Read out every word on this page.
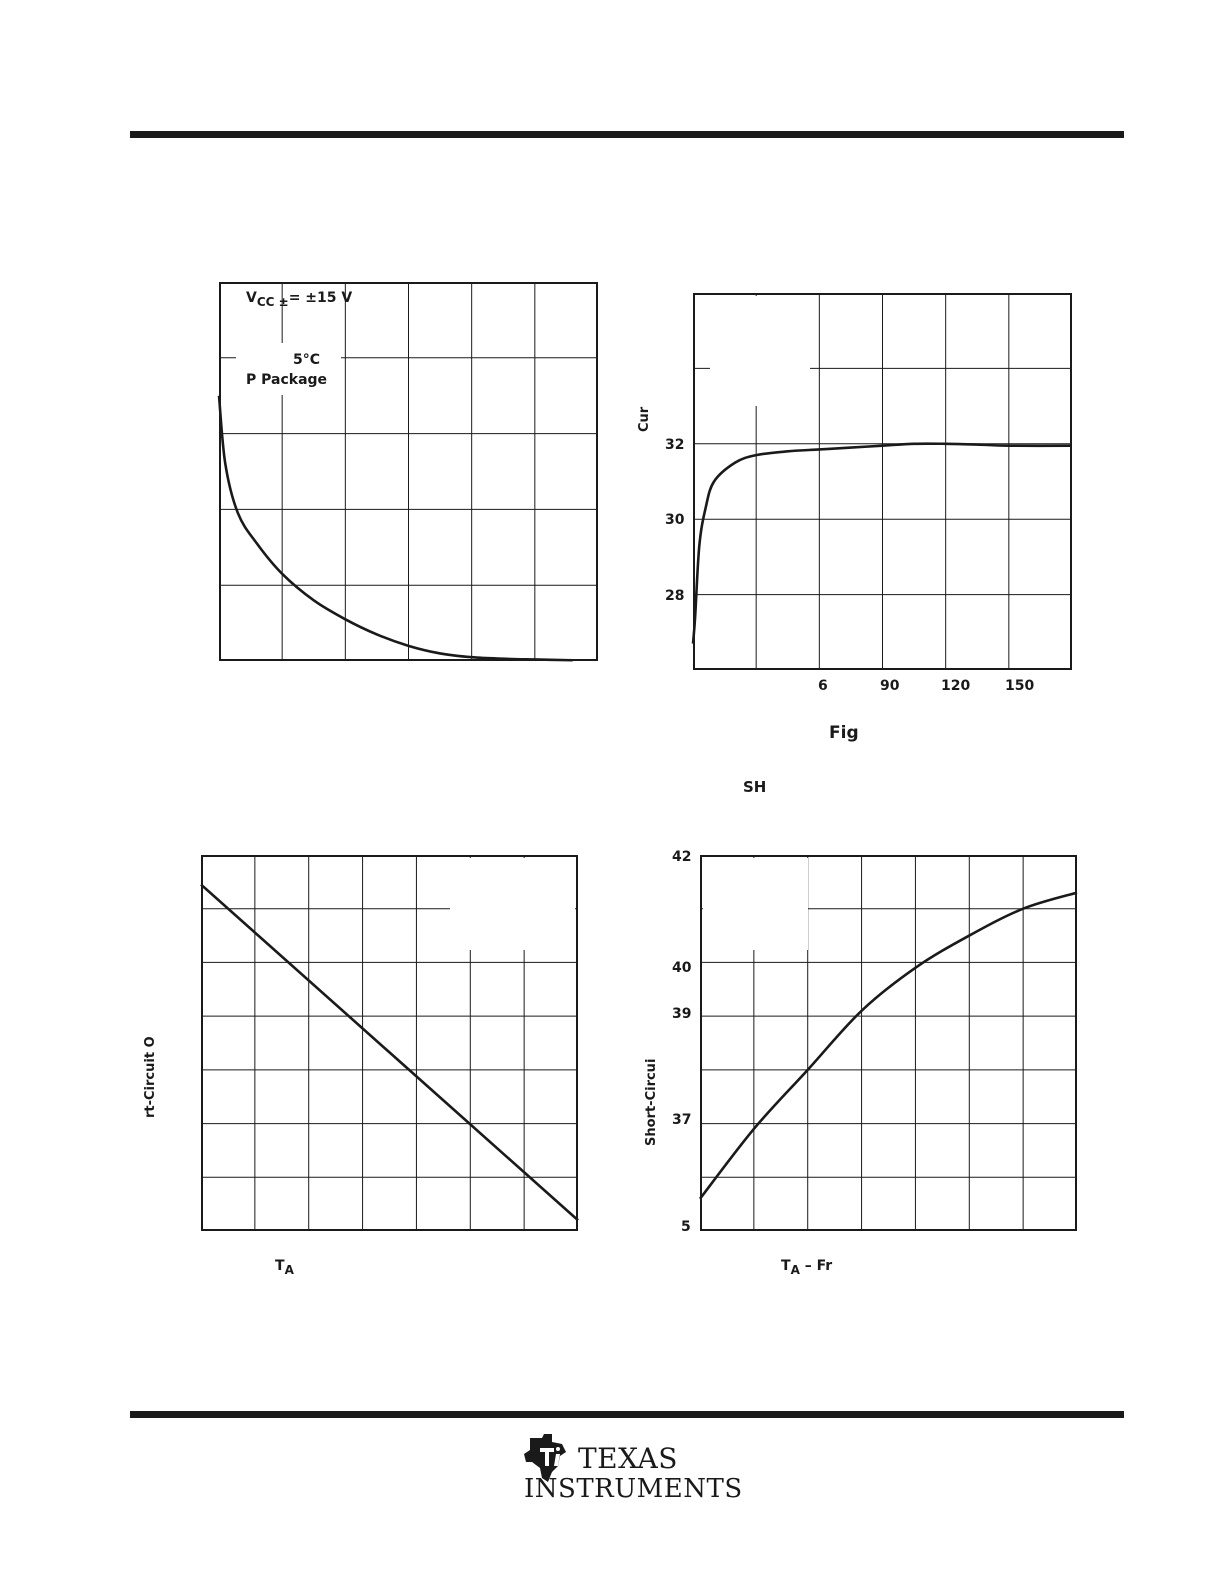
$V_{CC \pm}= \pm 15$ V
5°C
P Package
Cur
32
30
28
6	90	120 150
Fig
SH
rt-Circuit O
$T_A$
Short-Circui
42
40
39
37
5
$T_A$ – Fr
TEXAS
INSTRUMENTS
